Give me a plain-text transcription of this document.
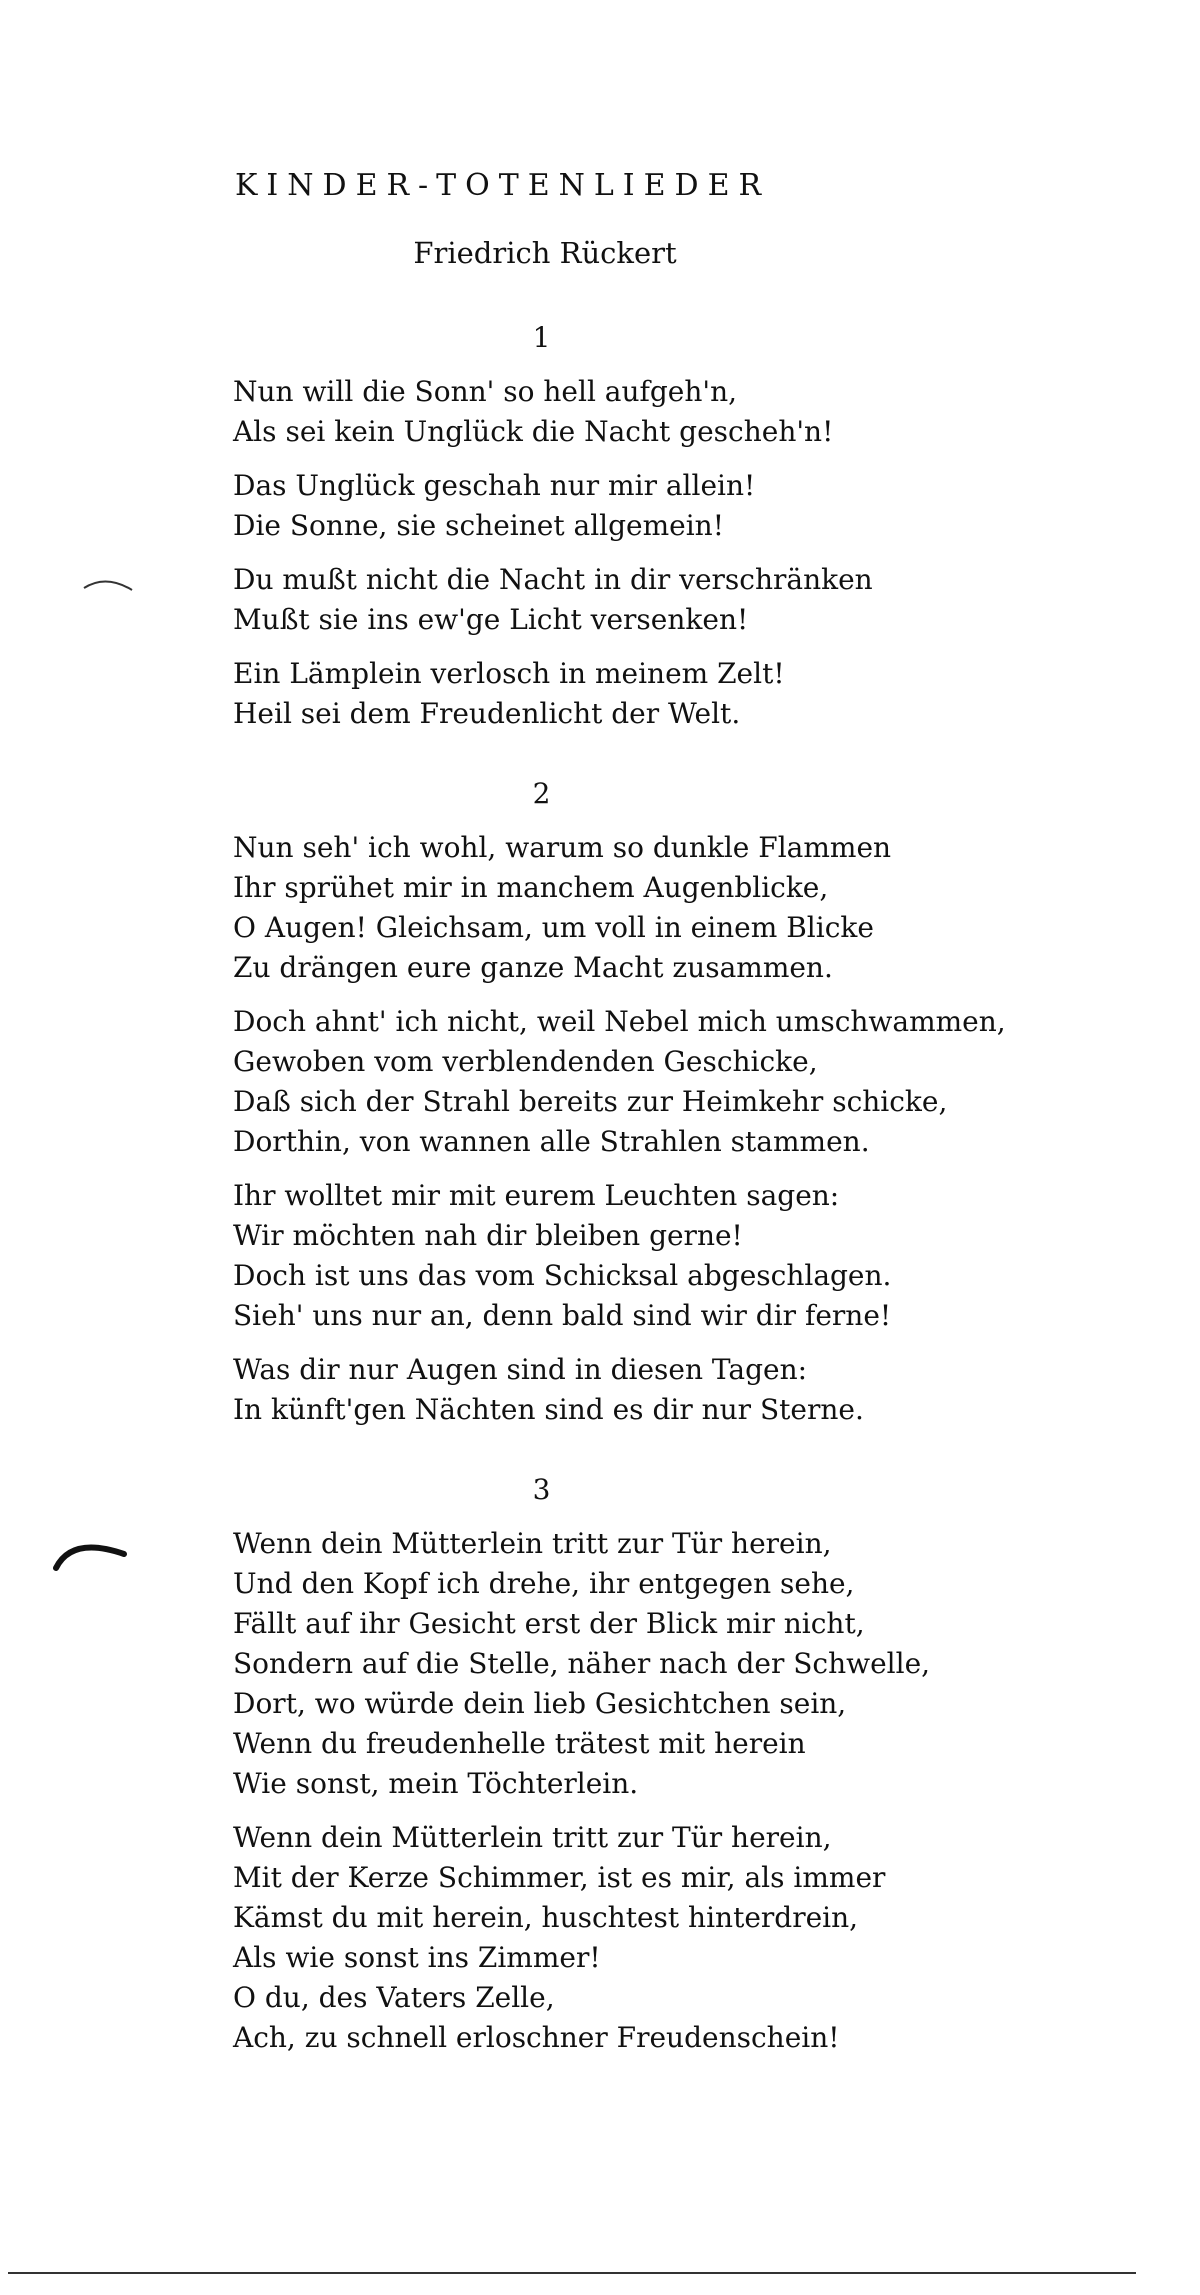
KINDER-TOTENLIEDER
Friedrich Rückert
1
Nun will die Sonn' so hell aufgeh'n,
Als sei kein Unglück die Nacht gescheh'n!
Das Unglück geschah nur mir allein!
Die Sonne, sie scheinet allgemein!
Du mußt nicht die Nacht in dir verschränken
Mußt sie ins ew'ge Licht versenken!
Ein Lämplein verlosch in meinem Zelt!
Heil sei dem Freudenlicht der Welt.
2
Nun seh' ich wohl, warum so dunkle Flammen
Ihr sprühet mir in manchem Augenblicke,
O Augen! Gleichsam, um voll in einem Blicke
Zu drängen eure ganze Macht zusammen.
Doch ahnt' ich nicht, weil Nebel mich umschwammen,
Gewoben vom verblendenden Geschicke,
Daß sich der Strahl bereits zur Heimkehr schicke,
Dorthin, von wannen alle Strahlen stammen.
Ihr wolltet mir mit eurem Leuchten sagen:
Wir möchten nah dir bleiben gerne!
Doch ist uns das vom Schicksal abgeschlagen.
Sieh' uns nur an, denn bald sind wir dir ferne!
Was dir nur Augen sind in diesen Tagen:
In künft'gen Nächten sind es dir nur Sterne.
3
Wenn dein Mütterlein tritt zur Tür herein,
Und den Kopf ich drehe, ihr entgegen sehe,
Fällt auf ihr Gesicht erst der Blick mir nicht,
Sondern auf die Stelle, näher nach der Schwelle,
Dort, wo würde dein lieb Gesichtchen sein,
Wenn du freudenhelle trätest mit herein
Wie sonst, mein Töchterlein.
Wenn dein Mütterlein tritt zur Tür herein,
Mit der Kerze Schimmer, ist es mir, als immer
Kämst du mit herein, huschtest hinterdrein,
Als wie sonst ins Zimmer!
O du, des Vaters Zelle,
Ach, zu schnell erloschner Freudenschein!
